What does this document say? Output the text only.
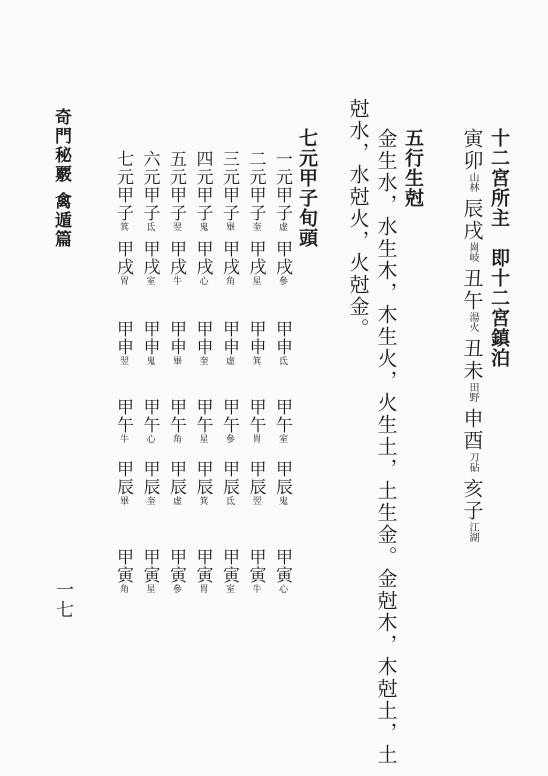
十二宮所主　即十二宮鎮泊
寅卯山林辰戌崗岐丑午湯火丑未田野申酉刀砧亥子江湖
五行生尅
金生水，水生木，木生火，火生土，土生金。金尅木，木尅土，土
尅水，水尅火，火尅金。
七元甲子旬頭
一元甲子虛
甲戌參
甲申氐
甲午室
甲辰鬼
甲寅心
二元甲子奎
甲戌星
甲申箕
甲午胃
甲辰翌
甲寅牛
三元甲子畢
甲戌角
甲申虛
甲午參
甲辰氐
甲寅室
四元甲子鬼
甲戌心
甲申奎
甲午星
甲辰箕
甲寅胃
五元甲子翌
甲戌牛
甲申畢
甲午角
甲辰虛
甲寅參
六元甲子氐
甲戌室
甲申鬼
甲午心
甲辰奎
甲寅星
七元甲子箕
甲戌胃
甲申翌
甲午牛
甲辰畢
甲寅角
奇門秘覈
禽遁篇
一七
